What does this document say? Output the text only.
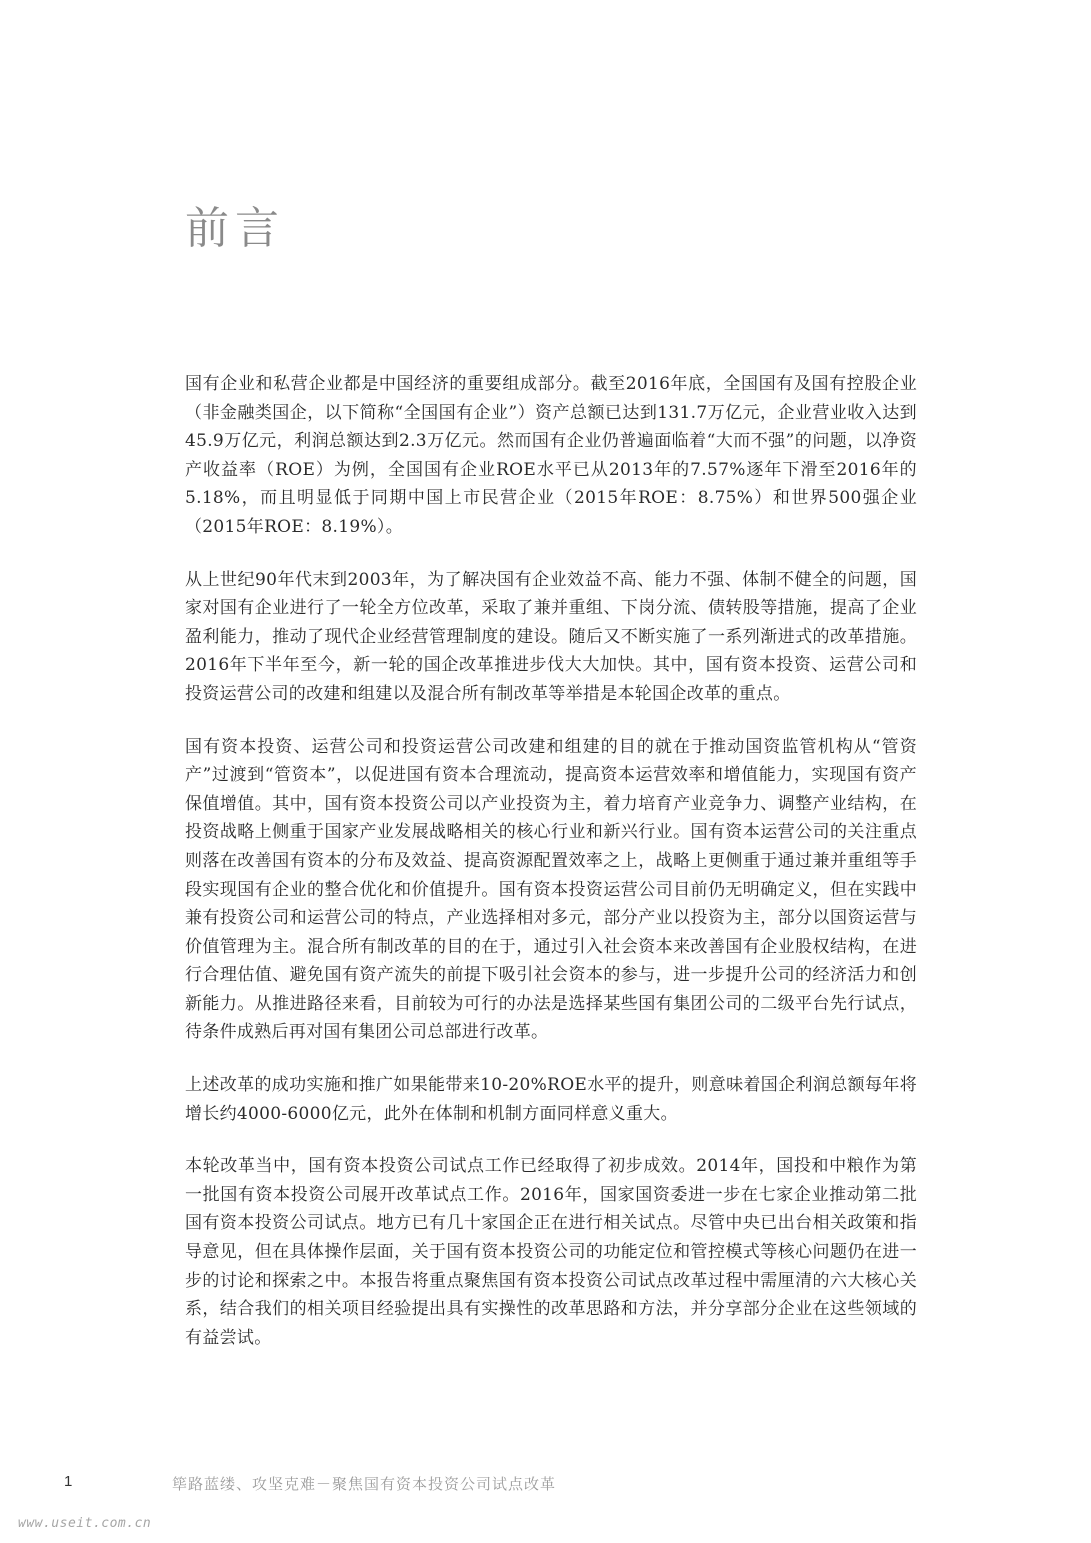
前言

国有企业和私营企业都是中国经济的重要组成部分。截至2016年底，全国国有及国有控股企业（非金融类国企，以下简称“全国国有企业”）资产总额已达到131.7万亿元，企业营业收入达到45.9万亿元，利润总额达到2.3万亿元。然而国有企业仍普遍面临着“大而不强”的问题，以净资产收益率（ROE）为例，全国国有企业ROE水平已从2013年的7.57%逐年下滑至2016年的5.18%，而且明显低于同期中国上市民营企业（2015年ROE：8.75%）和世界500强企业（2015年ROE：8.19%）。

从上世纪90年代末到2003年，为了解决国有企业效益不高、能力不强、体制不健全的问题，国家对国有企业进行了一轮全方位改革，采取了兼并重组、下岗分流、债转股等措施，提高了企业盈利能力，推动了现代企业经营管理制度的建设。随后又不断实施了一系列渐进式的改革措施。2016年下半年至今，新一轮的国企改革推进步伐大大加快。其中，国有资本投资、运营公司和投资运营公司的改建和组建以及混合所有制改革等举措是本轮国企改革的重点。

国有资本投资、运营公司和投资运营公司改建和组建的目的就在于推动国资监管机构从“管资产”过渡到“管资本”，以促进国有资本合理流动，提高资本运营效率和增值能力，实现国有资产保值增值。其中，国有资本投资公司以产业投资为主，着力培育产业竞争力、调整产业结构，在投资战略上侧重于国家产业发展战略相关的核心行业和新兴行业。国有资本运营公司的关注重点则落在改善国有资本的分布及效益、提高资源配置效率之上，战略上更侧重于通过兼并重组等手段实现国有企业的整合优化和价值提升。国有资本投资运营公司目前仍无明确定义，但在实践中兼有投资公司和运营公司的特点，产业选择相对多元，部分产业以投资为主，部分以国资运营与价值管理为主。混合所有制改革的目的在于，通过引入社会资本来改善国有企业股权结构，在进行合理估值、避免国有资产流失的前提下吸引社会资本的参与，进一步提升公司的经济活力和创新能力。从推进路径来看，目前较为可行的办法是选择某些国有集团公司的二级平台先行试点，待条件成熟后再对国有集团公司总部进行改革。

上述改革的成功实施和推广如果能带来10-20%ROE水平的提升，则意味着国企利润总额每年将增长约4000-6000亿元，此外在体制和机制方面同样意义重大。

本轮改革当中，国有资本投资公司试点工作已经取得了初步成效。2014年，国投和中粮作为第一批国有资本投资公司展开改革试点工作。2016年，国家国资委进一步在七家企业推动第二批国有资本投资公司试点。地方已有几十家国企正在进行相关试点。尽管中央已出台相关政策和指导意见，但在具体操作层面，关于国有资本投资公司的功能定位和管控模式等核心问题仍在进一步的讨论和探索之中。本报告将重点聚焦国有资本投资公司试点改革过程中需厘清的六大核心关系，结合我们的相关项目经验提出具有实操性的改革思路和方法，并分享部分企业在这些领域的有益尝试。

1	筚路蓝缕、攻坚克难－聚焦国有资本投资公司试点改革
www.useit.com.cn
